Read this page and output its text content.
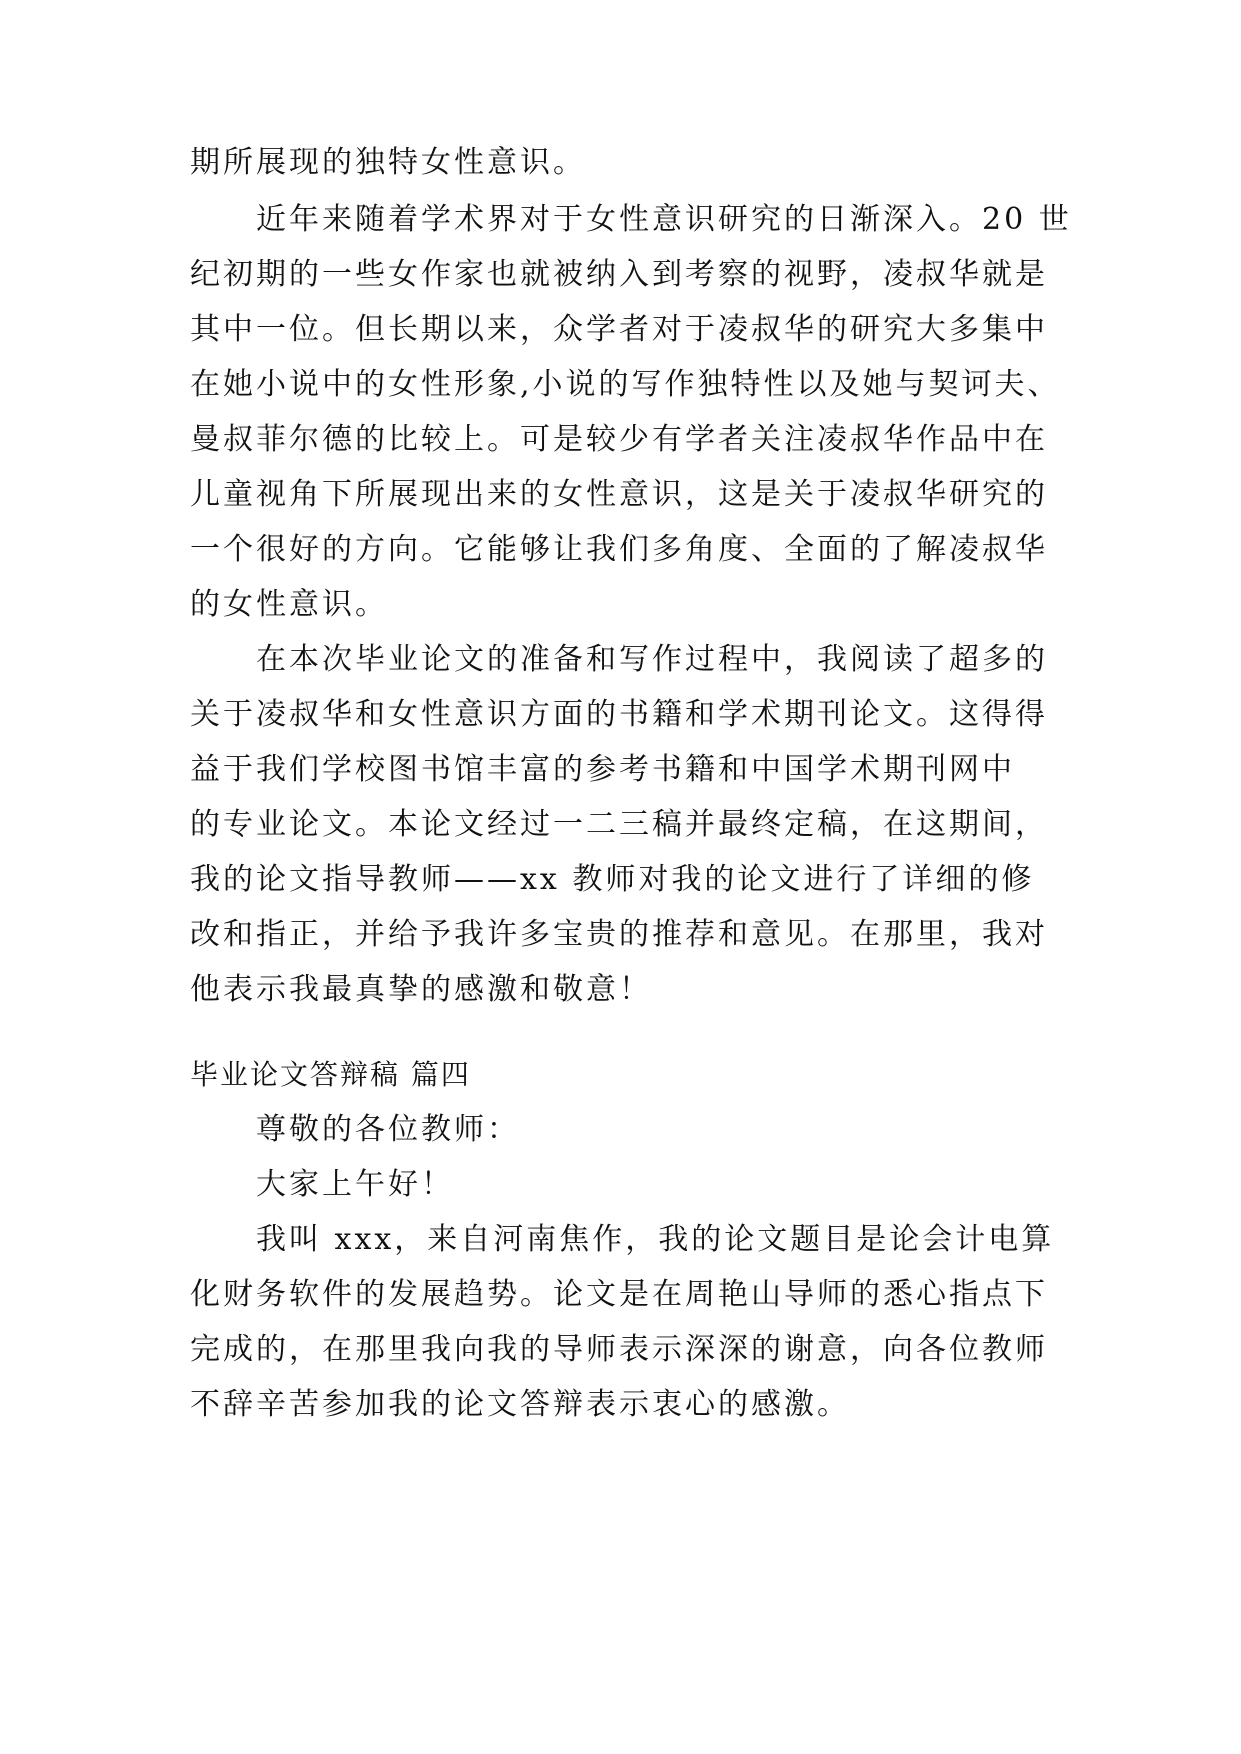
期所展现的独特女性意识。
近年来随着学术界对于女性意识研究的日渐深入。20 世
纪初期的一些女作家也就被纳入到考察的视野，凌叔华就是
其中一位。但长期以来，众学者对于凌叔华的研究大多集中
在她小说中的女性形象,小说的写作独特性以及她与契诃夫、
曼叔菲尔德的比较上。可是较少有学者关注凌叔华作品中在
儿童视角下所展现出来的女性意识，这是关于凌叔华研究的
一个很好的方向。它能够让我们多角度、全面的了解凌叔华
的女性意识。
在本次毕业论文的准备和写作过程中，我阅读了超多的
关于凌叔华和女性意识方面的书籍和学术期刊论文。这得得
益于我们学校图书馆丰富的参考书籍和中国学术期刊网中
的专业论文。本论文经过一二三稿并最终定稿，在这期间，
我的论文指导教师——xx 教师对我的论文进行了详细的修
改和指正，并给予我许多宝贵的推荐和意见。在那里，我对
他表示我最真挚的感激和敬意！
毕业论文答辩稿 篇四
尊敬的各位教师：
大家上午好！
我叫 xxx，来自河南焦作，我的论文题目是论会计电算
化财务软件的发展趋势。论文是在周艳山导师的悉心指点下
完成的，在那里我向我的导师表示深深的谢意，向各位教师
不辞辛苦参加我的论文答辩表示衷心的感激。
